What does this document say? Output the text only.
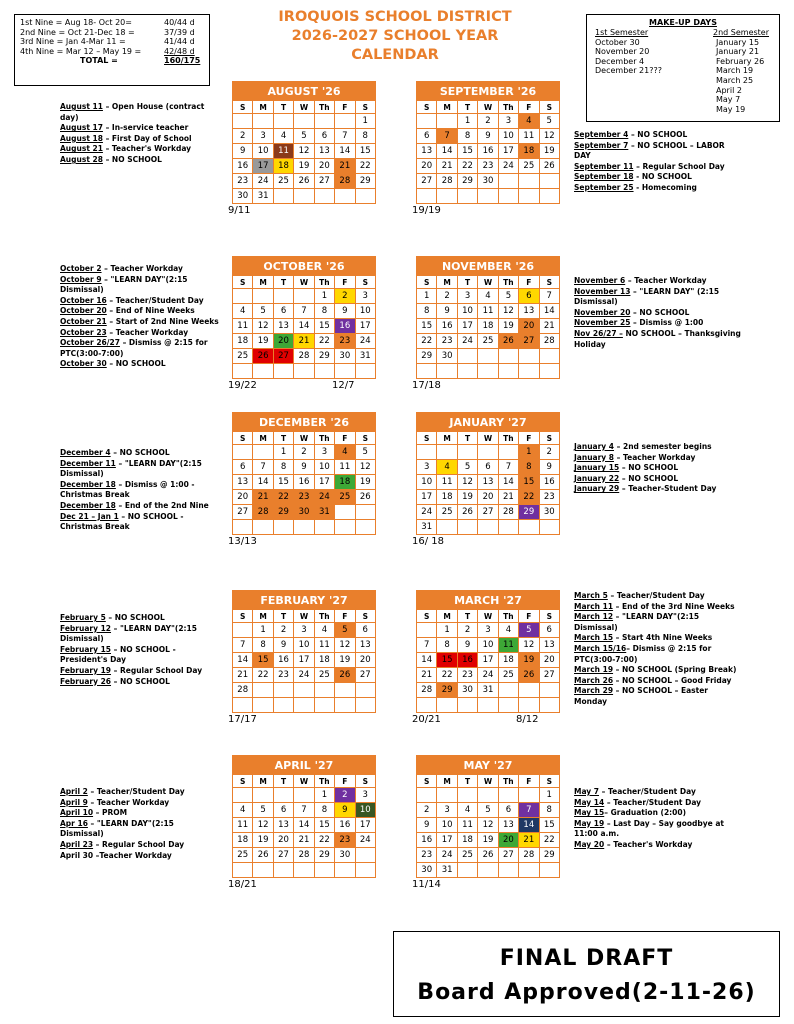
1st Nine = Aug 18- Oct 20=	40/44 d
2nd Nine = Oct 21-Dec 18 =	37/39 d
3rd Nine = Jan 4-Mar 11 =	41/44 d
4th Nine = Mar 12 – May 19 =	42/48 d
TOTAL =	160/175
IROQUOIS SCHOOL DISTRICT
2026-2027 SCHOOL YEAR
CALENDAR
MAKE-UP DAYS
1st Semester
October 30
November 20
December 4
December 21???
2nd Semester
January 15
January 21
February 26
March 19
March 25
April 2
May 7
May 19
AUGUST '26						
S	M	T	W	Th	F	S
						1
2	3	4	5	6	7	8
9	10	11	12	13	14	15
16	17	18	19	20	21	22
23	24	25	26	27	28	29
30	31					
9/11
SEPTEMBER '26						
S	M	T	W	Th	F	S
		1	2	3	4	5
6	7	8	9	10	11	12
13	14	15	16	17	18	19
20	21	22	23	24	25	26
27	28	29	30			

19/19
OCTOBER '26						
S	M	T	W	Th	F	S
				1	2	3
4	5	6	7	8	9	10
11	12	13	14	15	16	17
18	19	20	21	22	23	24
25	26	27	28	29	30	31

19/22	12/7
NOVEMBER '26						
S	M	T	W	Th	F	S
1	2	3	4	5	6	7
8	9	10	11	12	13	14
15	16	17	18	19	20	21
22	23	24	25	26	27	28
29	30					

17/18
DECEMBER '26						
S	M	T	W	Th	F	S
		1	2	3	4	5
6	7	8	9	10	11	12
13	14	15	16	17	18	19
20	21	22	23	24	25	26
27	28	29	30	31		

13/13
JANUARY '27						
S	M	T	W	Th	F	S
					1	2
3	4	5	6	7	8	9
10	11	12	13	14	15	16
17	18	19	20	21	22	23
24	25	26	27	28	29	30
31						
16/ 18
FEBRUARY '27						
S	M	T	W	Th	F	S
	1	2	3	4	5	6
7	8	9	10	11	12	13
14	15	16	17	18	19	20
21	22	23	24	25	26	27
28						

17/17
MARCH '27						
S	M	T	W	Th	F	S
	1	2	3	4	5	6
7	8	9	10	11	12	13
14	15	16	17	18	19	20
21	22	23	24	25	26	27
28	29	30	31			

20/21	8/12
APRIL '27						
S	M	T	W	Th	F	S
				1	2	3
4	5	6	7	8	9	10
11	12	13	14	15	16	17
18	19	20	21	22	23	24
25	26	27	28	29	30	

18/21
MAY '27						
S	M	T	W	Th	F	S
						1
2	3	4	5	6	7	8
9	10	11	12	13	14	15
16	17	18	19	20	21	22
23	24	25	26	27	28	29
30	31					
11/14
August 11 – Open House (contract day)
August 17 – In-service teacher
August 18 – First Day of School
August 21 – Teacher's Workday
August 28 – NO SCHOOL
September 4 – NO SCHOOL
September 7 – NO SCHOOL – LABOR DAY
September 11 – Regular School Day
September 18 - NO SCHOOL
September 25 - Homecoming
October 2 – Teacher Workday
October 9 – "LEARN DAY"(2:15 Dismissal)
October 16 – Teacher/Student Day
October 20 – End of Nine Weeks
October 21 – Start of 2nd Nine Weeks
October 23 – Teacher Workday
October 26/27 – Dismiss @ 2:15 for PTC(3:00-7:00)
October 30 – NO SCHOOL
November 6 – Teacher Workday
November 13 – "LEARN DAY" (2:15 Dismissal)
November 20 – NO SCHOOL
November 25 – Dismiss @ 1:00
Nov 26/27 – NO SCHOOL – Thanksgiving Holiday
December 4 – NO SCHOOL
December 11 – "LEARN DAY"(2:15 Dismissal)
December 18 – Dismiss @ 1:00 - Christmas Break
December 18 – End of the 2nd Nine
Dec 21 – Jan 1 – NO SCHOOL - Christmas Break
January 4 – 2nd semester begins
January 8 – Teacher Workday
January 15 – NO SCHOOL
January 22 – NO SCHOOL
January 29 – Teacher-Student Day
February 5 – NO SCHOOL
February 12 – "LEARN DAY"(2:15 Dismissal)
February 15 – NO SCHOOL - President's Day
February 19 – Regular School Day
February 26 – NO SCHOOL
March 5 – Teacher/Student Day
March 11 – End of the 3rd Nine Weeks
March 12 – "LEARN DAY"(2:15 Dismissal)
March 15 – Start 4th Nine Weeks
March 15/16– Dismiss @ 2:15 for PTC(3:00-7:00)
March 19 – NO SCHOOL (Spring Break)
March 26 – NO SCHOOL – Good Friday
March 29 – NO SCHOOL – Easter Monday
April 2 – Teacher/Student Day
April 9 – Teacher Workday
April 10 – PROM
Apr 16 – "LEARN DAY"(2:15 Dismissal)
April 23 – Regular School Day
April 30 –Teacher Workday
May 7 – Teacher/Student Day
May 14 – Teacher/Student Day
May 15– Graduation (2:00)
May 19 – Last Day – Say goodbye at 11:00 a.m.
May 20 – Teacher's Workday
FINAL DRAFT
Board Approved(2-11-26)
